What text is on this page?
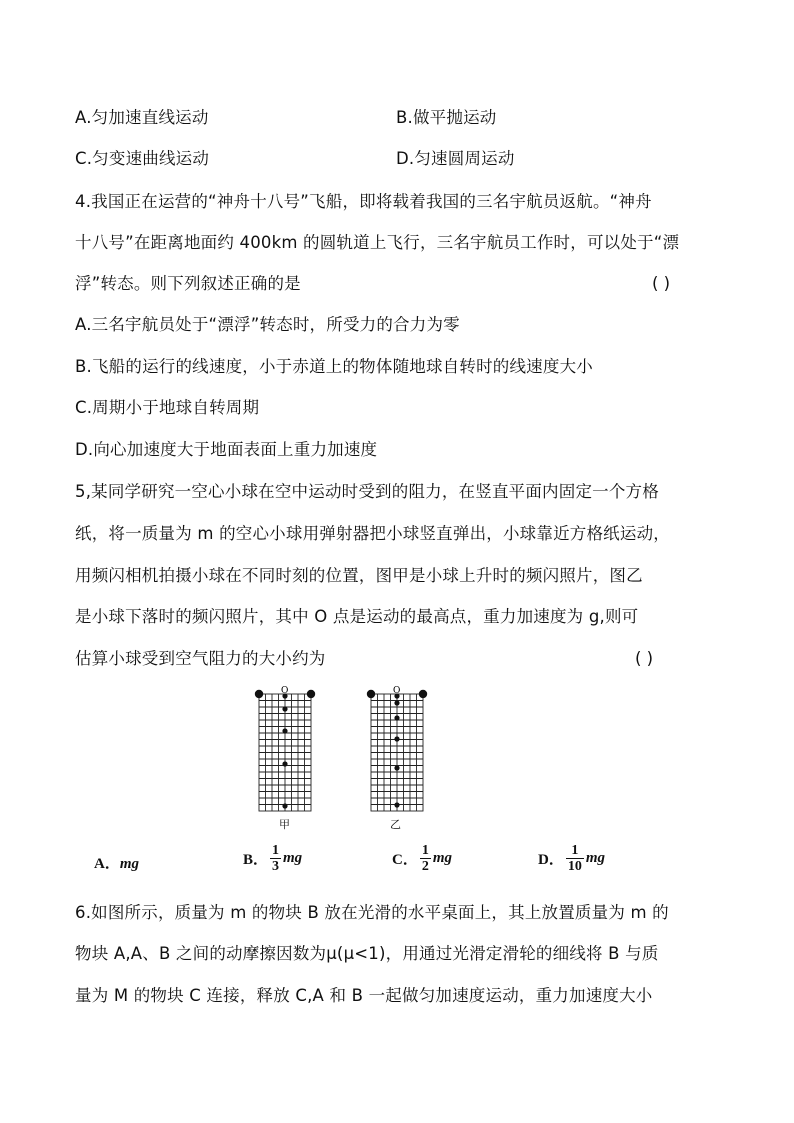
A.匀加速直线运动	B.做平抛运动
C.匀变速曲线运动	D.匀速圆周运动
4.我国正在运营的“神舟十八号”飞船，即将载着我国的三名宇航员返航。“神舟
十八号”在距离地面约 400km 的圆轨道上飞行，三名宇航员工作时，可以处于“漂
浮”转态。则下列叙述正确的是	( )
A.三名宇航员处于“漂浮”转态时，所受力的合力为零
B.飞船的运行的线速度，小于赤道上的物体随地球自转时的线速度大小
C.周期小于地球自转周期
D.向心加速度大于地面表面上重力加速度
5,某同学研究一空心小球在空中运动时受到的阻力，在竖直平面内固定一个方格
纸，将一质量为 m 的空心小球用弹射器把小球竖直弹出，小球靠近方格纸运动，
用频闪相机拍摄小球在不同时刻的位置，图甲是小球上升时的频闪照片，图乙
是小球下落时的频闪照片，其中 O 点是运动的最高点，重力加速度为 g,则可
估算小球受到空气阻力的大小约为	( )
O
甲
O
乙
A．mg	B． $\frac{1}{3}$ mg	C． $\frac{1}{2}$ mg	D． $\frac{1}{10}$ mg
6.如图所示，质量为 m 的物块 B 放在光滑的水平桌面上，其上放置质量为 m 的
物块 A,A、B 之间的动摩擦因数为μ(μ<1)，用通过光滑定滑轮的细线将 B 与质
量为 M 的物块 C 连接，释放 C,A 和 B 一起做匀加速度运动，重力加速度大小
